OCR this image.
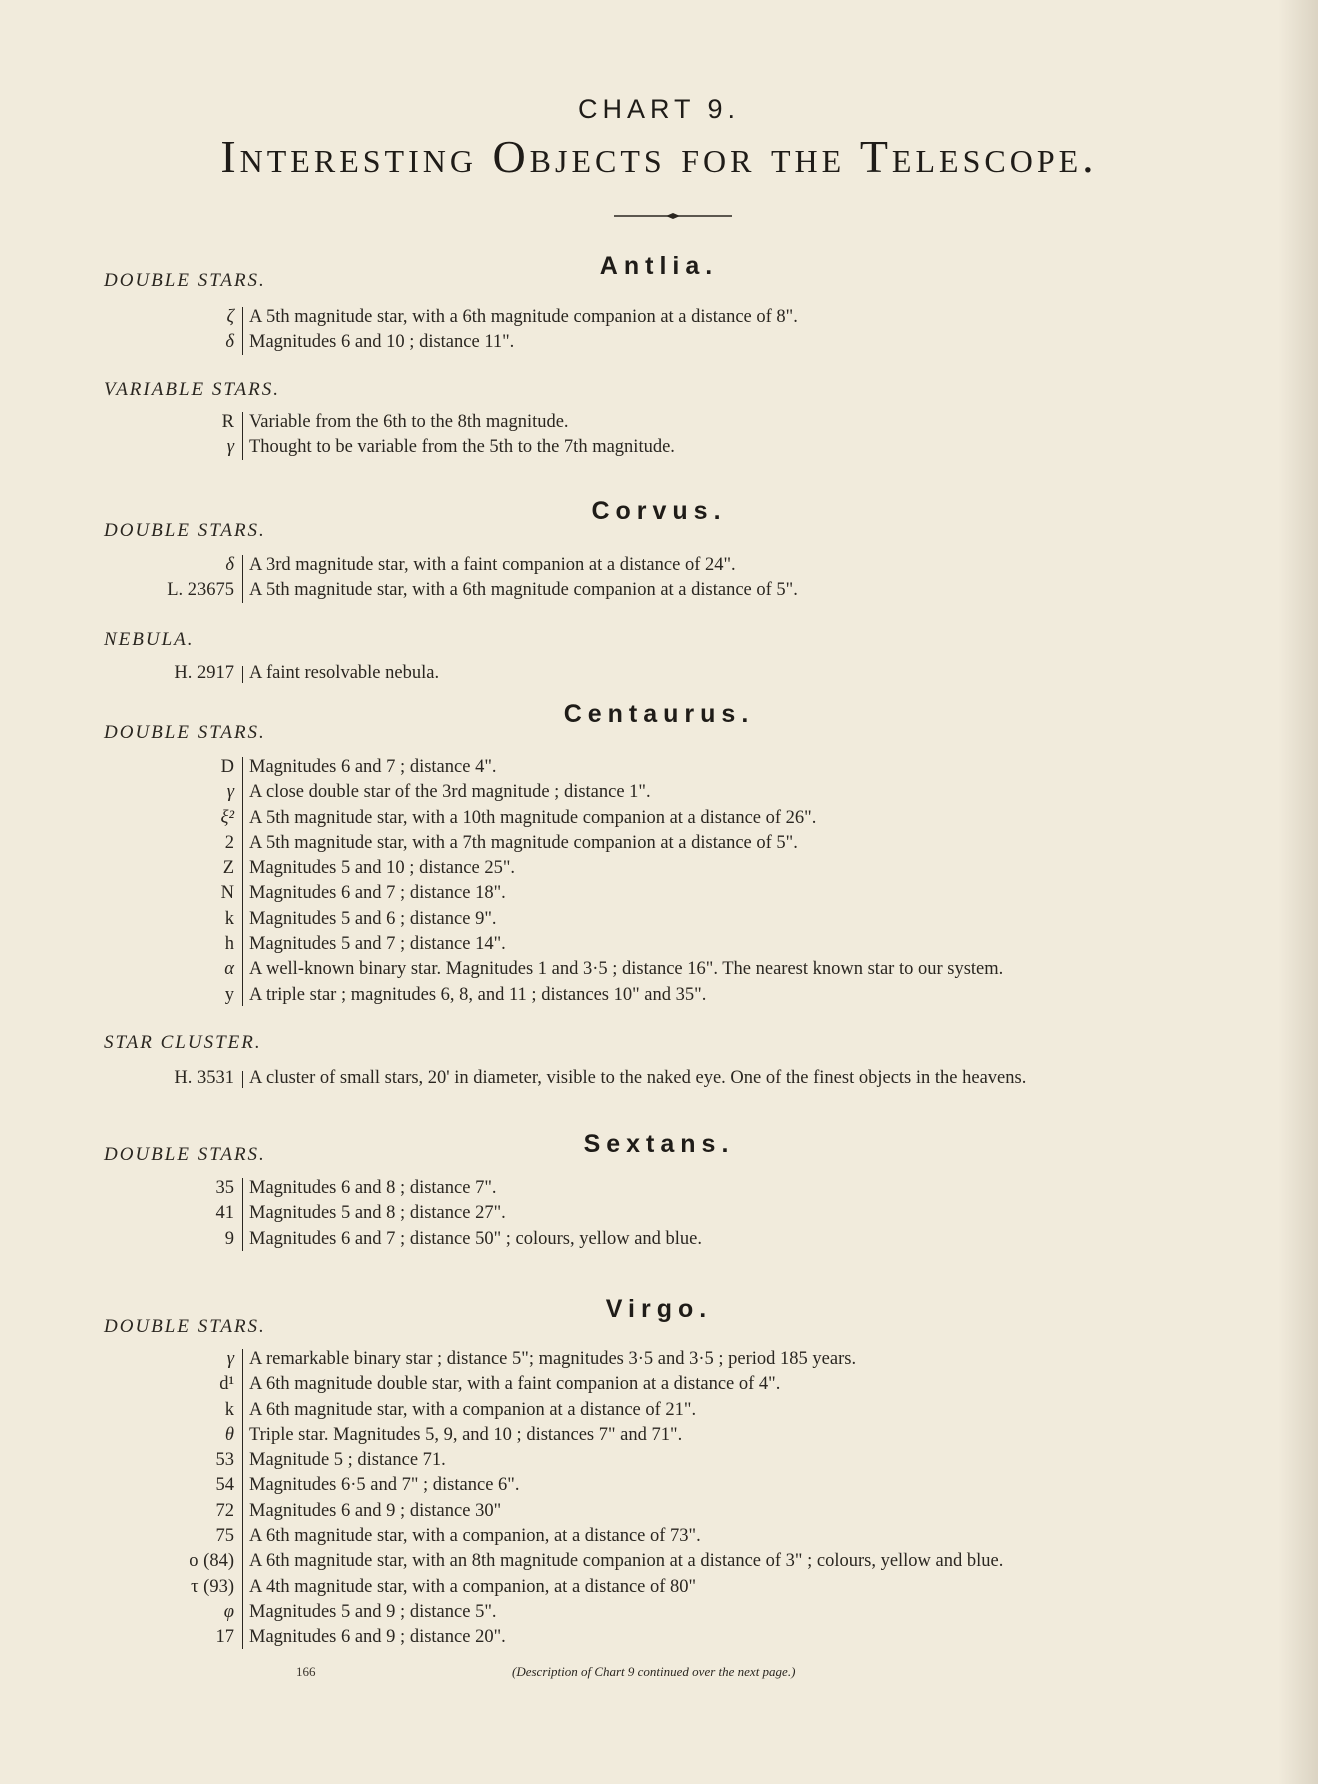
CHART 9.
Interesting Objects for the Telescope.
Antlia.
DOUBLE STARS.
ζ A 5th magnitude star, with a 6th magnitude companion at a distance of 8".
δ Magnitudes 6 and 10 ; distance 11".
VARIABLE STARS.
R Variable from the 6th to the 8th magnitude.
γ Thought to be variable from the 5th to the 7th magnitude.
Corvus.
DOUBLE STARS.
δ A 3rd magnitude star, with a faint companion at a distance of 24".
L. 23675 A 5th magnitude star, with a 6th magnitude companion at a distance of 5".
NEBULA.
H. 2917 A faint resolvable nebula.
Centaurus.
DOUBLE STARS.
D Magnitudes 6 and 7 ; distance 4".
γ A close double star of the 3rd magnitude ; distance 1".
ξ² A 5th magnitude star, with a 10th magnitude companion at a distance of 26".
2 A 5th magnitude star, with a 7th magnitude companion at a distance of 5".
Z Magnitudes 5 and 10 ; distance 25".
N Magnitudes 6 and 7 ; distance 18".
k Magnitudes 5 and 6 ; distance 9".
h Magnitudes 5 and 7 ; distance 14".
α A well-known binary star. Magnitudes 1 and 3·5 ; distance 16". The nearest known star to our system.
y A triple star ; magnitudes 6, 8, and 11 ; distances 10" and 35".
STAR CLUSTER.
H. 3531 A cluster of small stars, 20' in diameter, visible to the naked eye. One of the finest objects in the heavens.
Sextans.
DOUBLE STARS.
35 Magnitudes 6 and 8 ; distance 7".
41 Magnitudes 5 and 8 ; distance 27".
9 Magnitudes 6 and 7 ; distance 50" ; colours, yellow and blue.
Virgo.
DOUBLE STARS.
γ A remarkable binary star ; distance 5"; magnitudes 3·5 and 3·5 ; period 185 years.
d¹ A 6th magnitude double star, with a faint companion at a distance of 4".
k A 6th magnitude star, with a companion at a distance of 21".
θ Triple star. Magnitudes 5, 9, and 10 ; distances 7" and 71".
53 Magnitude 5 ; distance 71.
54 Magnitudes 6·5 and 7" ; distance 6".
72 Magnitudes 6 and 9 ; distance 30"
75 A 6th magnitude star, with a companion, at a distance of 73".
o (84) A 6th magnitude star, with an 8th magnitude companion at a distance of 3" ; colours, yellow and blue.
τ (93) A 4th magnitude star, with a companion, at a distance of 80"
φ Magnitudes 5 and 9 ; distance 5".
17 Magnitudes 6 and 9 ; distance 20".
166	(Description of Chart 9 continued over the next page.)
